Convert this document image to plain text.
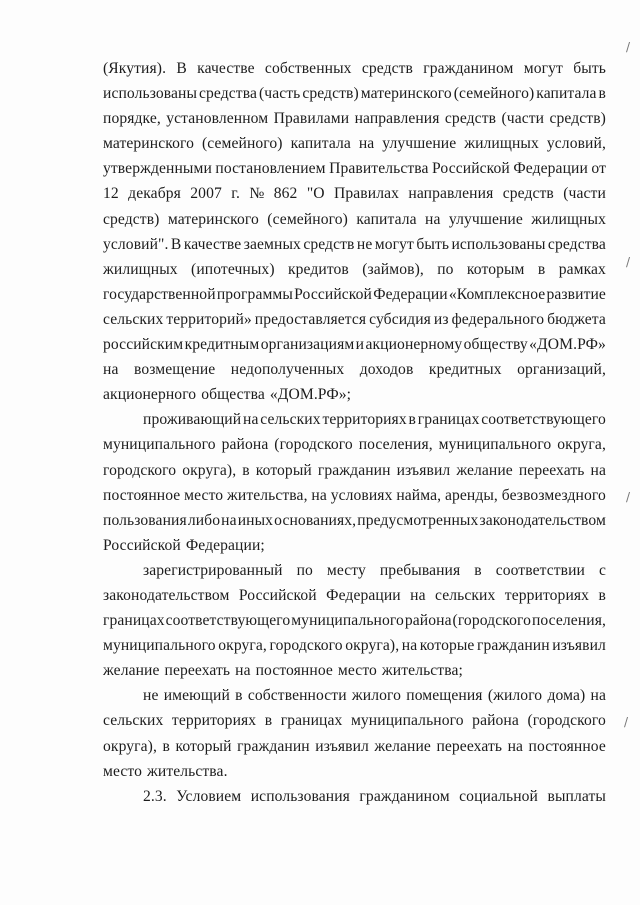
(Якутия). В качестве собственных средств гражданином могут быть
использованы средства (часть средств) материнского (семейного) капитала в
порядке, установленном Правилами направления средств (части средств)
материнского (семейного) капитала на улучшение жилищных условий,
утвержденными постановлением Правительства Российской Федерации от
12 декабря 2007 г. № 862 "О Правилах направления средств (части
средств) материнского (семейного) капитала на улучшение жилищных
условий". В качестве заемных средств не могут быть использованы средства
жилищных (ипотечных) кредитов (займов), по которым в рамках
государственной программы Российской Федерации «Комплексное развитие
сельских территорий» предоставляется субсидия из федерального бюджета
российским кредитным организациям и акционерному обществу «ДОМ.РФ»
на возмещение недополученных доходов кредитных организаций,
акционерного общества «ДОМ.РФ»;
проживающий на сельских территориях в границах соответствующего
муниципального района (городского поселения, муниципального округа,
городского округа), в который гражданин изъявил желание переехать на
постоянное место жительства, на условиях найма, аренды, безвозмездного
пользования либо на иных основаниях, предусмотренных законодательством
Российской Федерации;
зарегистрированный по месту пребывания в соответствии с
законодательством Российской Федерации на сельских территориях в
границах соответствующего муниципального района (городского поселения,
муниципального округа, городского округа), на которые гражданин изъявил
желание переехать на постоянное место жительства;
не имеющий в собственности жилого помещения (жилого дома) на
сельских территориях в границах муниципального района (городского
округа), в который гражданин изъявил желание переехать на постоянное
место жительства.
2.3. Условием использования гражданином социальной выплаты
/
/
/
/
